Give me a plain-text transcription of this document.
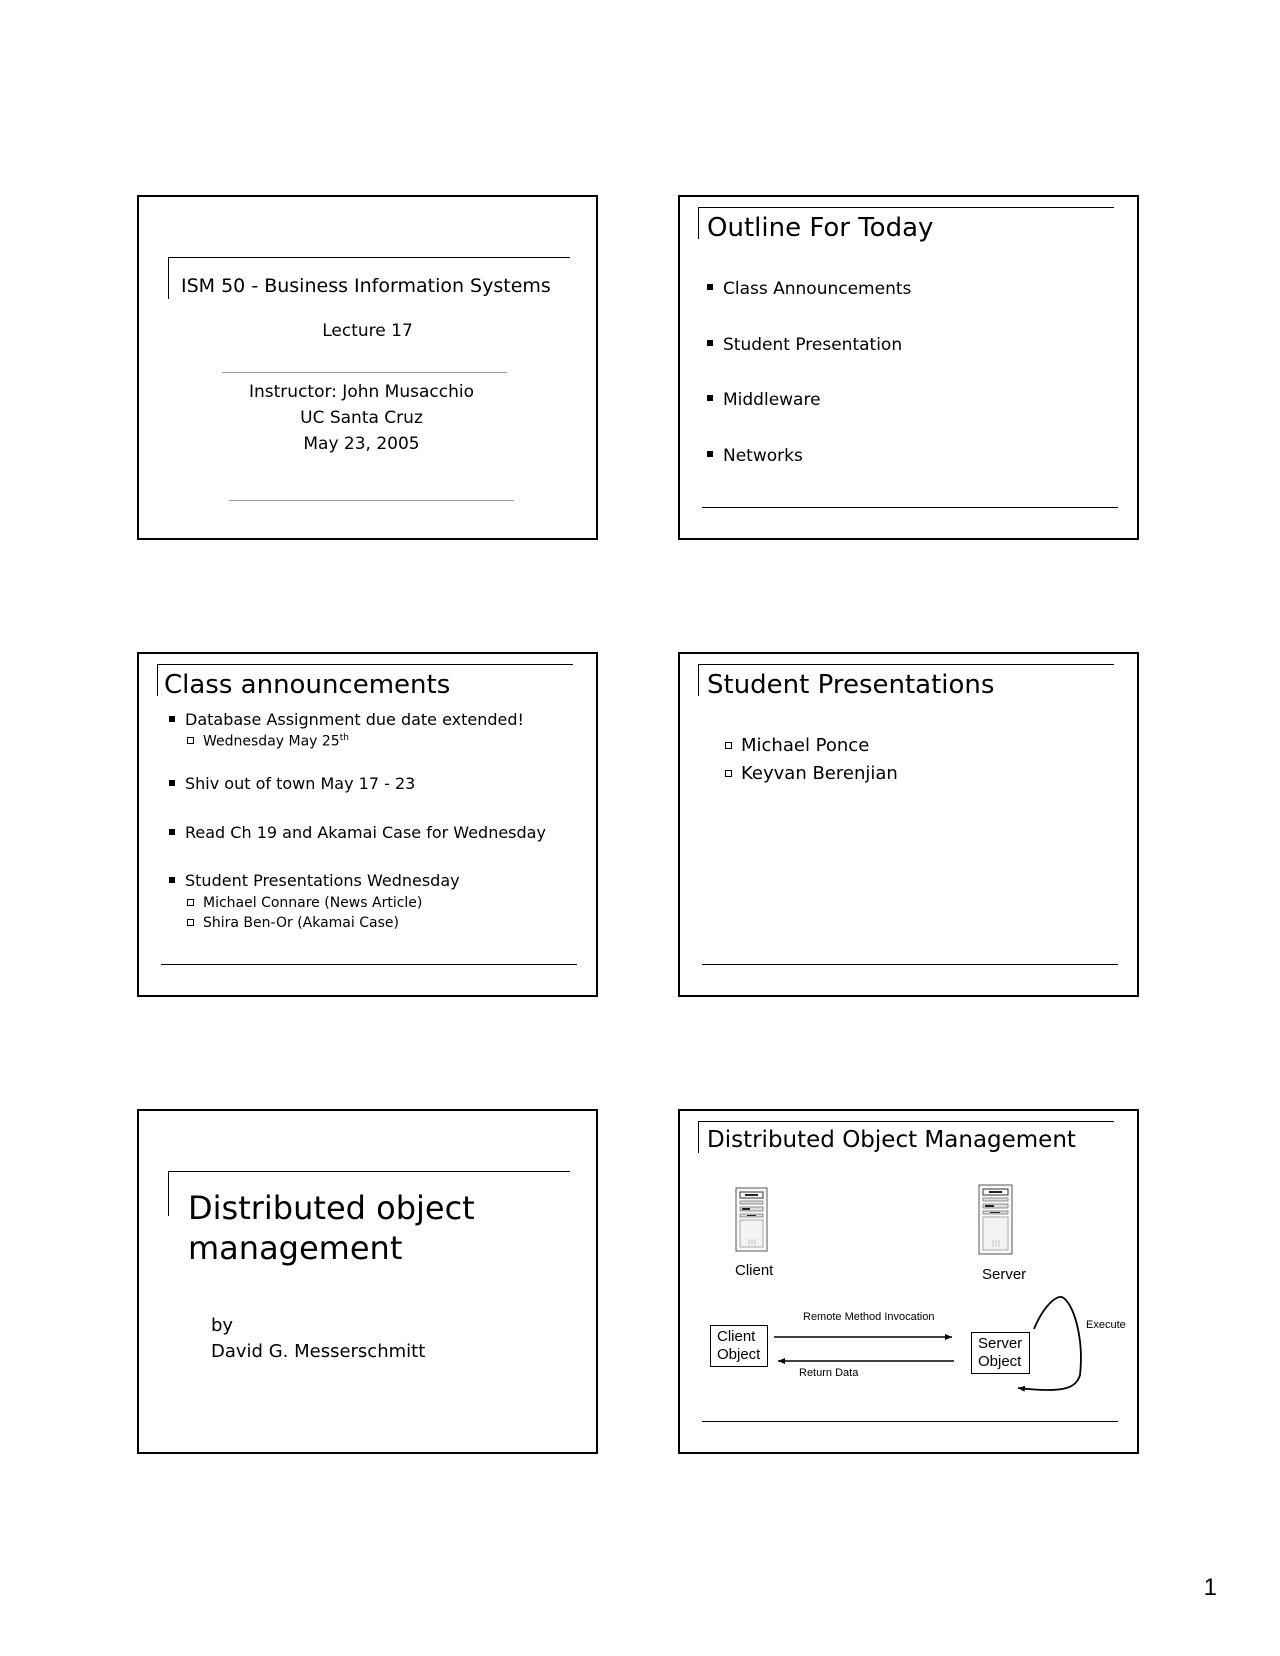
ISM 50 - Business Information Systems
Lecture 17
Instructor: John Musacchio
UC Santa Cruz
May 23, 2005
Outline For Today
Class Announcements
Student Presentation
Middleware
Networks
Class announcements
Database Assignment due date extended!
Wednesday May 25th
Shiv out of town May 17 - 23
Read Ch 19 and Akamai Case for Wednesday
Student Presentations Wednesday
Michael Connare (News Article)
Shira Ben-Or (Akamai Case)
Student Presentations
Michael Ponce
Keyvan Berenjian
Distributed object
management
by
David G. Messerschmitt
Distributed Object Management
Client	Server
Client
Object
Server
Object
Remote Method Invocation
Return Data
Execute
1
